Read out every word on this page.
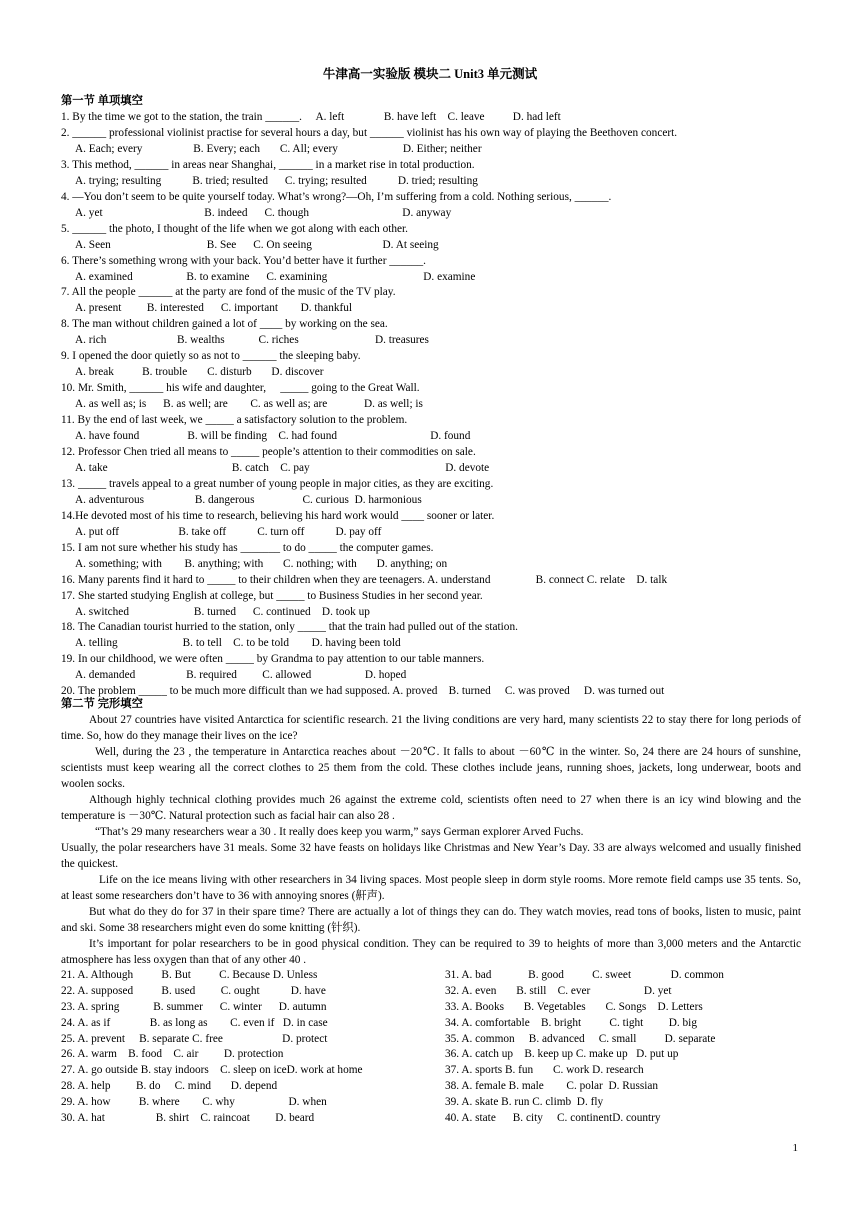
牛津高一实验版 模块二 Unit3 单元测试
第一节 单项填空
1. By the time we got to the station, the train ______.     A. left              B. have left    C. leave          D. had left
2. ______ professional violinist practise for several hours a day, but ______ violinist has his own way of playing the Beethoven concert.
A. Each; every                  B. Every; each       C. All; every                       D. Either; neither
3. This method, ______ in areas near Shanghai, ______ in a market rise in total production.
A. trying; resulting           B. tried; resulted      C. trying; resulted           D. tried; resulting
4. —You don’t seem to be quite yourself today. What’s wrong?—Oh, I’m suffering from a cold. Nothing serious, ______.
A. yet                                    B. indeed      C. though                                 D. anyway
5. ______ the photo, I thought of the life when we got along with each other.
A. Seen                                  B. See      C. On seeing                         D. At seeing
6. There’s something wrong with your back. You’d better have it further ______.
A. examined                   B. to examine      C. examining                                  D. examine
7. All the people ______ at the party are fond of the music of the TV play.
A. present         B. interested      C. important        D. thankful
8. The man without children gained a lot of ____ by working on the sea.
A. rich                         B. wealths            C. riches                           D. treasures
9. I opened the door quietly so as not to ______ the sleeping baby.
A. break          B. trouble       C. disturb       D. discover
10. Mr. Smith, ______ his wife and daughter,     _____ going to the Great Wall.
A. as well as; is      B. as well; are        C. as well as; are             D. as well; is
11. By the end of last week, we _____ a satisfactory solution to the problem.
A. have found                 B. will be finding    C. had found                                 D. found
12. Professor Chen tried all means to _____ people’s attention to their commodities on sale.
A. take                                            B. catch    C. pay                                                D. devote
13. _____ travels appeal to a great number of young people in major cities, as they are exciting.
A. adventurous                  B. dangerous                 C. curious  D. harmonious
14.He devoted most of his time to research, believing his hard work would ____ sooner or later.
A. put off                     B. take off           C. turn off           D. pay off
15. I am not sure whether his study has _______ to do _____ the computer games.
A. something; with        B. anything; with       C. nothing; with       D. anything; on
16. Many parents find it hard to _____ to their children when they are teenagers. A. understand                B. connect C. relate    D. talk
17. She started studying English at college, but _____ to Business Studies in her second year.
A. switched                       B. turned      C. continued    D. took up
18. The Canadian tourist hurried to the station, only _____ that the train had pulled out of the station.
A. telling                       B. to tell    C. to be told        D. having been told
19. In our childhood, we were often _____ by Grandma to pay attention to our table manners.
A. demanded                  B. required         C. allowed                   D. hoped
20. The problem _____ to be much more difficult than we had supposed. A. proved    B. turned     C. was proved     D. was turned out
第二节 完形填空
About 27 countries have visited Antarctica for scientific research. 21 the living conditions are very hard, many scientists 22 to stay there for long periods of time. So, how do they manage their lives on the ice?
Well, during the 23 , the temperature in Antarctica reaches about －20℃. It falls to about －60℃ in the winter. So, 24 there are 24 hours of sunshine, scientists must keep wearing all the correct clothes to 25 them from the cold. These clothes include jeans, running shoes, jackets, long underwear, boots and woolen socks.
Although highly technical clothing provides much 26 against the extreme cold, scientists often need to 27 when there is an icy wind blowing and the temperature is －30℃. Natural protection such as facial hair can also 28 .
“That’s 29 many researchers wear a 30 . It really does keep you warm,” says German explorer Arved Fuchs.
Usually, the polar researchers have 31 meals. Some 32 have feasts on holidays like Christmas and New Year’s Day. 33 are always welcomed and usually finished the quickest.
Life on the ice means living with other researchers in 34 living spaces. Most people sleep in dorm style rooms. More remote field camps use 35 tents. So, at least some researchers don’t have to 36 with annoying snores (鼾声).
But what do they do for 37 in their spare time? There are actually a lot of things they can do. They watch movies, read tons of books, listen to music, paint and ski. Some 38 researchers might even do some knitting (针织).
It’s important for polar researchers to be in good physical condition. They can be required to 39 to heights of more than 3,000 meters and the Antarctic atmosphere has less oxygen than that of any other 40 .
21. A. Although          B. But          C. Because D. Unless
22. A. supposed          B. used         C. ought           D. have
23. A. spring            B. summer      C. winter      D. autumn
24. A. as if              B. as long as        C. even if   D. in case
25. A. prevent     B. separate C. free                     D. protect
26. A. warm    B. food    C. air         D. protection
27. A. go outside B. stay indoors    C. sleep on iceD. work at home
28. A. help         B. do     C. mind       D. depend
29. A. how          B. where        C. why                   D. when
30. A. hat                  B. shirt    C. raincoat         D. beard
31. A. bad             B. good          C. sweet              D. common
32. A. even       B. still    C. ever                   D. yet
33. A. Books       B. Vegetables       C. Songs    D. Letters
34. A. comfortable    B. bright          C. tight         D. big
35. A. common     B. advanced     C. small          D. separate
36. A. catch up    B. keep up C. make up   D. put up
37. A. sports B. fun       C. work D. research
38. A. female B. male        C. polar  D. Russian
39. A. skate B. run C. climb  D. fly
40. A. state      B. city     C. continentD. country
1
